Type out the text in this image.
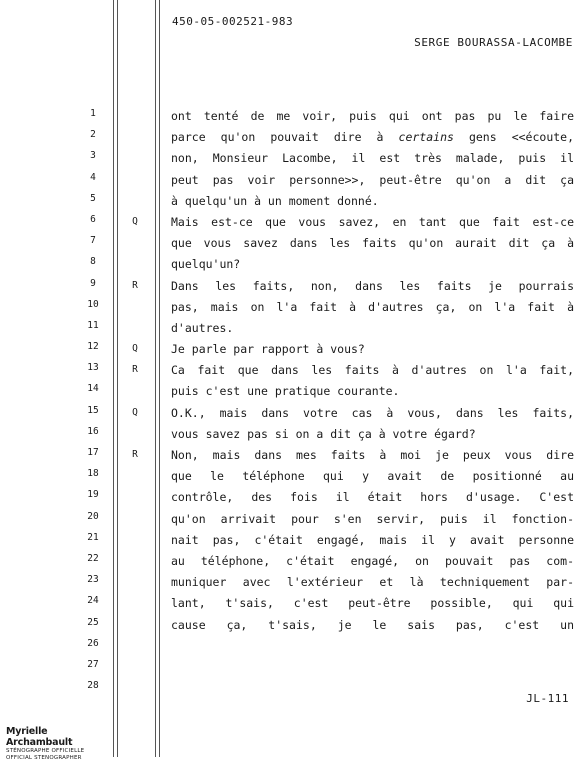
450-05-002521-983
SERGE BOURASSA-LACOMBE
1	ont tenté de me voir, puis qui ont pas pu le faire
2	parce qu'on pouvait dire à certains gens <<écoute,
3	non, Monsieur Lacombe, il est très malade, puis il
4	peut pas voir personne>>, peut-être qu'on a dit ça
5	à quelqu'un à un moment donné.
6	Q	Mais est-ce que vous savez, en tant que fait est-ce
7	que vous savez dans les faits qu'on aurait dit ça à
8	quelqu'un?
9	R	Dans les faits, non, dans les faits je pourrais
10	pas, mais on l'a fait à d'autres ça, on l'a fait à
11	d'autres.
12	Q	Je parle par rapport à vous?
13	R	Ca fait que dans les faits à d'autres on l'a fait,
14	puis c'est une pratique courante.
15	Q	O.K., mais dans votre cas à vous, dans les faits,
16	vous savez pas si on a dit ça à votre égard?
17	R	Non, mais dans mes faits à moi je peux vous dire
18	que le téléphone qui y avait de positionné au
19	contrôle, des fois il était hors d'usage. C'est
20	qu'on arrivait pour s'en servir, puis il fonction-
21	nait pas, c'était engagé, mais il y avait personne
22	au téléphone, c'était engagé, on pouvait pas com-
23	muniquer avec l'extérieur et là techniquement par-
24	lant, t'sais, c'est peut-être possible, qui qui
25	cause ça, t'sais, je le sais pas, c'est un
26
27
28
JL-111
Myrielle Archambault
STÉNOGRAPHE OFFICIELLE
OFFICIAL STENOGRAPHER
